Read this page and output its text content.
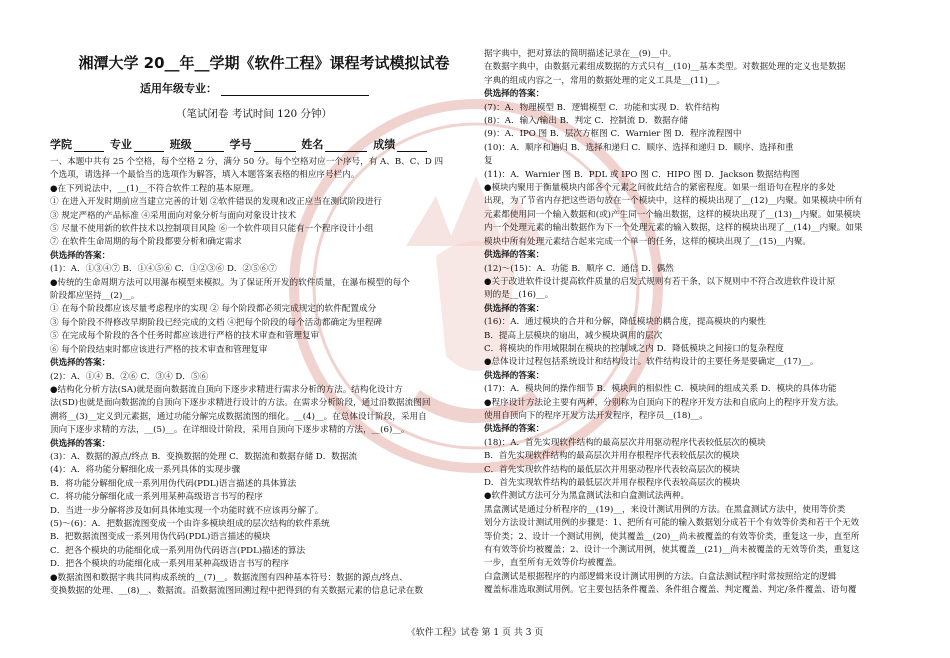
湘潭大学 20__年__学期《软件工程》课程考试模拟试卷
适用年级专业：
（笔试闭卷 考试时间 120 分钟）
学院	专业	班级	学号	姓名	成绩
一、本题中共有 25 个空格，每个空格 2 分，满分 50 分。每个空格对应一个序号，有 A、B、C、D 四
个选项，请选择一个最恰当的选项作为解答，填入本题答案表格的相应序号栏内。
●在下列说法中，__(1)__不符合软件工程的基本原理。
① 在进入开发时期前应当建立完善的计划 ②软件错误的发现和改正应当在测试阶段进行
③ 规定严格的产品标准 ④采用面向对象分析与面向对象设计技术
⑤ 尽量不使用新的软件技术以控制项目风险 ⑥一个软件项目只能有一个程序设计小组
⑦ 在软件生命周期的每个阶段都要分析和确定需求
供选择的答案：
(1)：A．①③④⑦ B．①④⑤⑥ C．①②③⑥ D．②⑤⑥⑦
●传统的生命周期方法可以用瀑布模型来模拟。为了保证所开发的软件质量，在瀑布模型的每个
阶段都应坚持__(2)__。
① 在每个阶段都应该尽量考虑程序的实现 ② 每个阶段都必须完成规定的软件配置成分
③ 每个阶段不得修改早期阶段已经完成的文档 ④把每个阶段的每个活动都确定为里程碑
⑤ 在完成每个阶段的各个任务时都应该进行严格的技术审查和管理复审
⑥ 每个阶段结束时都应该进行严格的技术审查和管理复审
供选择的答案：
(2)：A．①④ B．②⑥ C．③④ D．⑤⑥
●结构化分析方法(SA)就是面向数据流自顶向下逐步求精进行需求分析的方法。结构化设计方
法(SD)也就是面向数据流的自顶向下逐步求精进行设计的方法。在需求分析阶段，通过沿数据流图回
溯将__(3)__定义到元素据，通过功能分解完成数据流图的细化。__(4)__。在总体设计阶段，采用自
顶向下逐步求精的方法，__(5)__。在详细设计阶段，采用自顶向下逐步求精的方法，__(6)__。
供选择的答案：
(3)：A．数据的源点/终点 B．变换数据的处理 C．数据流和数据存储 D．数据流
(4)：A．将功能分解细化成一系列具体的实现步骤
B．将功能分解细化成一系列用伪代码(PDL)语言描述的具体算法
C．将功能分解细化成一系列用某种高级语言书写的程序
D．当进一步分解将涉及如何具体地实现一个功能时就不应该再分解了。
(5)～(6)：A．把数据流图变成一个由许多模块组成的层次结构的软件系统
B．把数据流图变成一系列用伪代码(PDL)语言描述的模块
C．把各个模块的功能细化成一系列用伪代码语言(PDL)描述的算法
D．把各个模块的功能细化成一系列用某种高级语言书写的程序
●数据流图和数据字典共同构成系统的__(7)__。数据流图有四种基本符号：数据的源点/终点、
变换数据的处理、__(8)__、数据流。沿数据流图回溯过程中把得到的有关数据元素的信息记录在数
据字典中，把对算法的简明描述记录在__(9)__中。
在数据字典中，由数据元素组成数据的方式只有__(10)__基本类型。对数据处理的定义也是数据
字典的组成内容之一，常用的数据处理的定义工具是__(11)__。
供选择的答案：
(7)：A．物理模型 B．逻辑模型 C．功能和实现 D．软件结构
(8)：A．输入/输出 B．判定 C．控制流 D．数据存储
(9)：A．IPO 图 B．层次方框图 C．Warnier 图 D．程序流程图中
(10)：A．顺序和遍归 B．选择和递归 C．顺序、选择和递归 D．顺序、选择和重
复
(11)：A．Warnier 图 B．PDL 或 IPO 图 C．HIPO 图 D．Jackson 数据结构图
●模块内聚用于衡量模块内部各个元素之间彼此结合的紧密程度。如果一组语句在程序的多处
出现，为了节省内存把这些语句放在一个模块中，这样的模块出现了__(12)__内聚。如果模块中所有
元素都使用同一个输入数据和(或)产生同一个输出数据，这样的模块出现了__(13)__内聚。如果模块
内一个处理元素的输出数据作为下一个处理元素的输入数据，这样的模块出现了__(14)__内聚。如果
模块中所有处理元素结合起来完成一个单一的任务，这样的模块出现了__(15)__内聚。
供选择的答案：
(12)～(15)：A．功能 B．顺序 C．通信 D．偶然
●关于改进软件设计提高软件质量的启发式规则有若干条，以下规则中不符合改进软件设计原
则的是__(16)__。
供选择的答案：
(16)：A．通过模块的合并和分解，降低模块的耦合度，提高模块的内聚性
B．提高上层模块的扇出，减少模块调用的层次
C．将模块的作用域限制在模块的控制域之内 D．降低模块之间接口的复杂程度
●总体设计过程包括系统设计和结构设计。软件结构设计的主要任务是要确定__(17)__。
供选择的答案：
(17)：A．模块间的操作细节 B．模块间的相似性 C．模块间的组成关系 D．模块的具体功能
●程序设计方法论主要有两种，分别称为自顶向下的程序开发方法和自底向上的程序开发方法。
使用自顶向下的程序开发方法开发程序，程序员__(18)__。
供选择的答案：
(18)：A．首先实现软件结构的最高层次并用驱动程序代表较低层次的模块
B．首先实现软件结构的最高层次并用存根程序代表较低层次的模块
C．首先实现软件结构的最低层次并用驱动程序代表较高层次的模块
D．首先实现软件结构的最低层次并用存根程序代表较高层次的模块
●软件测试方法可分为黑盒测试法和白盒测试法两种。
黑盒测试是通过分析程序的__(19)__，来设计测试用例的方法。在黑盒测试方法中，使用等价类
划分方法设计测试用例的步骤是：1、把所有可能的输入数据划分成若干个有效等价类和若干个无效
等价类；2、设计一个测试用例，使其覆盖__(20)__尚未被覆盖的有效等价类，重复这一步，直至所
有有效等价均被覆盖；2、设计一个测试用例，使其覆盖__(21)__尚未被覆盖的无效等价类，重复这
一步，直至所有无效等价均被覆盖。
白盒测试是根据程序的内部逻辑来设计测试用例的方法。白盒法测试程序时常按照给定的逻辑
覆盖标准选取测试用例。它主要包括条件覆盖、条件组合覆盖、判定覆盖、判定/条件覆盖、语句覆
《软件工程》试卷 第 1 页 共 3 页
